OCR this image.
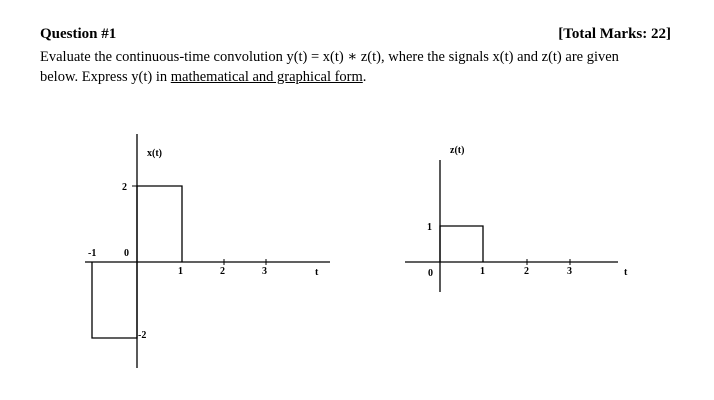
Question #1	[Total Marks: 22]
Evaluate the continuous-time convolution y(t) = x(t) ∗ z(t), where the signals x(t) and z(t) are given
below. Express y(t) in mathematical and graphical form.
x(t)
2
-2
-1	0
1	2	3	t
z(t)
1
0	1	2	3	t
